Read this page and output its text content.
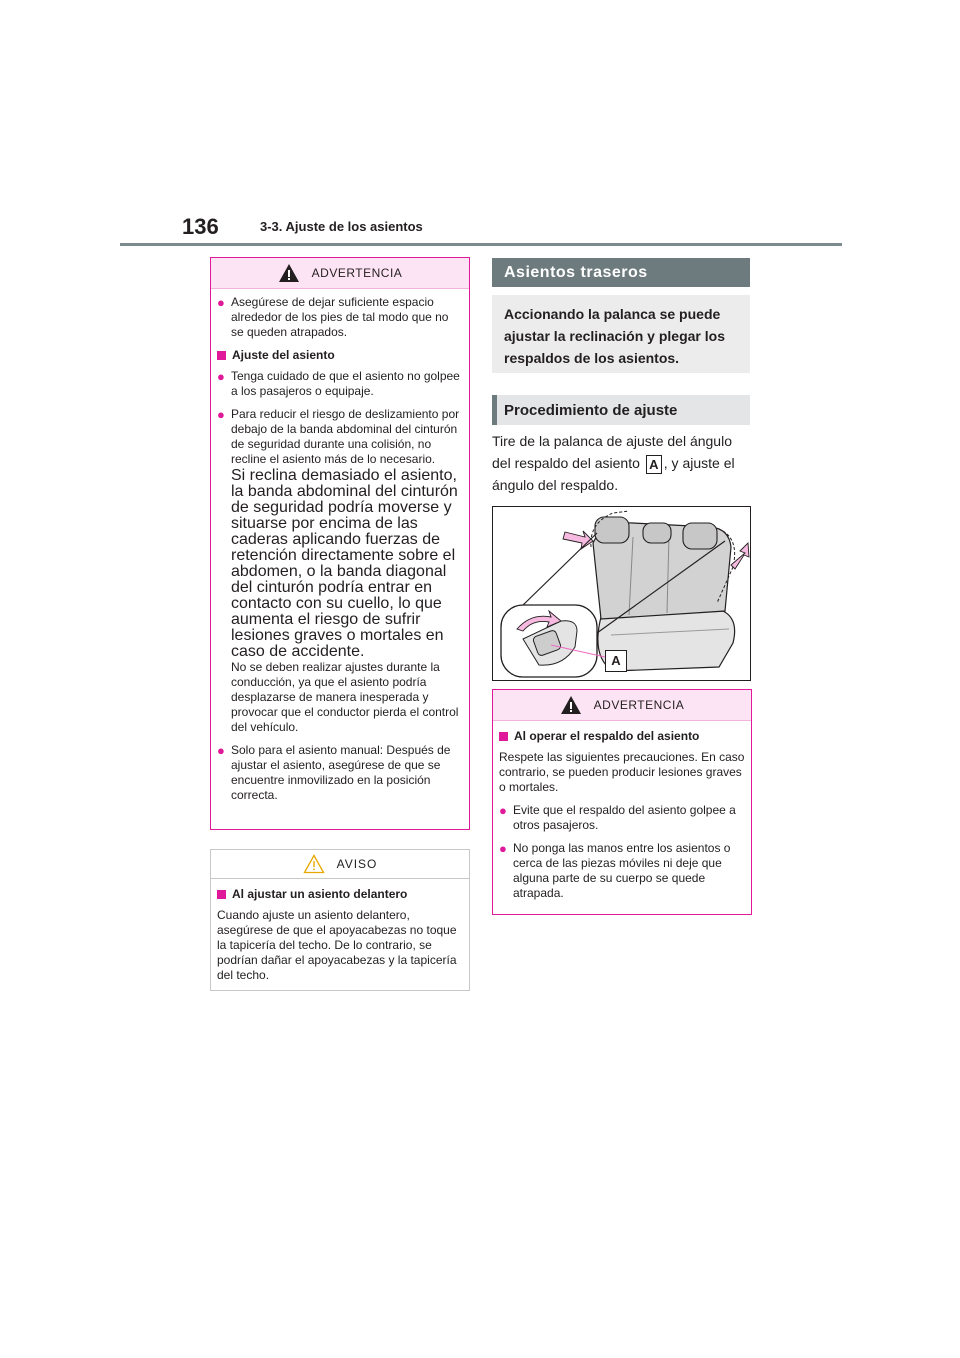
136	3-3. Ajuste de los asientos
ADVERTENCIA
● Asegúrese de dejar suficiente espacio alrededor de los pies de tal modo que no se queden atrapados.
Ajuste del asiento
● Tenga cuidado de que el asiento no golpee a los pasajeros o equipaje.
● Para reducir el riesgo de deslizamiento por debajo de la banda abdominal del cinturón de seguridad durante una colisión, no recline el asiento más de lo necesario.
Si reclina demasiado el asiento, la banda abdominal del cinturón de seguridad podría moverse y situarse por encima de las caderas aplicando fuerzas de retención directamente sobre el abdomen, o la banda diagonal del cinturón podría entrar en contacto con su cuello, lo que aumenta el riesgo de sufrir lesiones graves o mortales en caso de accidente.
No se deben realizar ajustes durante la conducción, ya que el asiento podría desplazarse de manera inesperada y provocar que el conductor pierda el control del vehículo.
● Solo para el asiento manual: Después de ajustar el asiento, asegúrese de que se encuentre inmovilizado en la posición correcta.
AVISO
Al ajustar un asiento delantero
Cuando ajuste un asiento delantero, asegúrese de que el apoyacabezas no toque la tapicería del techo. De lo contrario, se podrían dañar el apoyacabezas y la tapicería del techo.
Asientos traseros
Accionando la palanca se puede ajustar la reclinación y plegar los respaldos de los asientos.
Procedimiento de ajuste
Tire de la palanca de ajuste del ángulo del respaldo del asiento A , y ajuste el ángulo del respaldo.
A
ADVERTENCIA
Al operar el respaldo del asiento
Respete las siguientes precauciones. En caso contrario, se pueden producir lesiones graves o mortales.
● Evite que el respaldo del asiento golpee a otros pasajeros.
● No ponga las manos entre los asientos o cerca de las piezas móviles ni deje que alguna parte de su cuerpo se quede atrapada.
